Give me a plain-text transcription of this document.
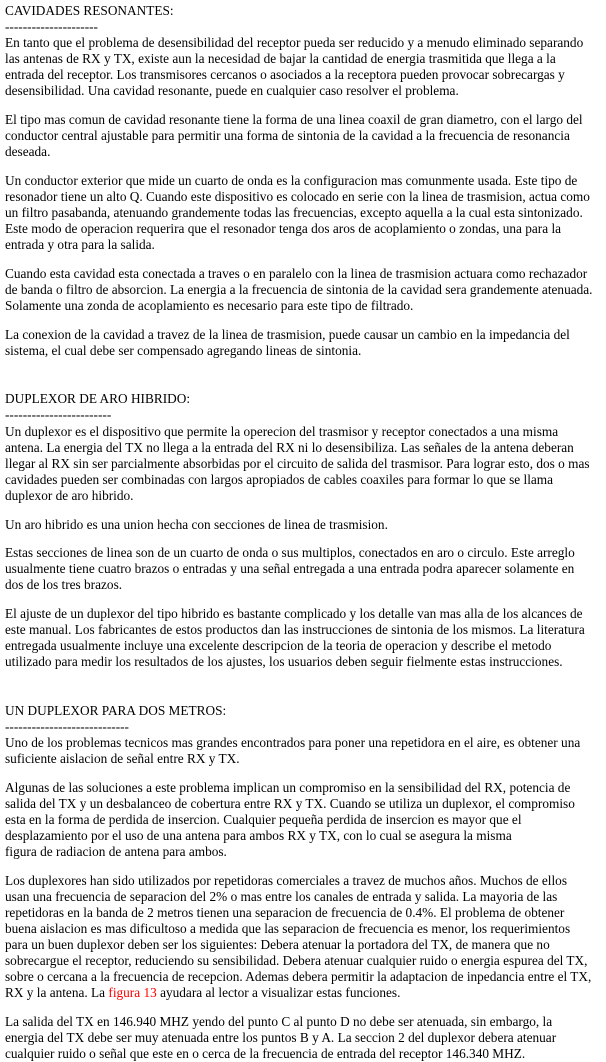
CAVIDADES RESONANTES:
---------------------

En tanto que el problema de desensibilidad del receptor pueda ser reducido y a menudo eliminado separando
las antenas de RX y TX, existe aun la necesidad de bajar la cantidad de energia trasmitida que llega a la
entrada del receptor. Los transmisores cercanos o asociados a la receptora pueden provocar sobrecargas y
desensibilidad. Una cavidad resonante, puede en cualquier caso resolver el problema.

El tipo mas comun de cavidad resonante tiene la forma de una linea coaxil de gran diametro, con el largo del
conductor central ajustable para permitir una forma de sintonia de la cavidad a la frecuencia de resonancia
deseada.

Un conductor exterior que mide un cuarto de onda es la configuracion mas comunmente usada. Este tipo de
resonador tiene un alto Q. Cuando este dispositivo es colocado en serie con la linea de trasmision, actua como
un filtro pasabanda, atenuando grandemente todas las frecuencias, excepto aquella a la cual esta sintonizado.
Este modo de operacion requerira que el resonador tenga dos aros de acoplamiento o zondas, una para la
entrada y otra para la salida.

Cuando esta cavidad esta conectada a traves o en paralelo con la linea de trasmision actuara como rechazador
de banda o filtro de absorcion. La energia a la frecuencia de sintonia de la cavidad sera grandemente atenuada.
Solamente una zonda de acoplamiento es necesario para este tipo de filtrado.

La conexion de la cavidad a travez de la linea de trasmision, puede causar un cambio en la impedancia del
sistema, el cual debe ser compensado agregando lineas de sintonia.

DUPLEXOR DE ARO HIBRIDO:
------------------------

Un duplexor es el dispositivo que permite la operecion del trasmisor y receptor conectados a una misma
antena. La energia del TX no llega a la entrada del RX ni lo desensibiliza. Las señales de la antena deberan
llegar al RX sin ser parcialmente absorbidas por el circuito de salida del trasmisor. Para lograr esto, dos o mas
cavidades pueden ser combinadas con largos apropiados de cables coaxiles para formar lo que se llama
duplexor de aro hibrido.

Un aro hibrido es una union hecha con secciones de linea de trasmision.

Estas secciones de linea son de un cuarto de onda o sus multiplos, conectados en aro o circulo. Este arreglo
usualmente tiene cuatro brazos o entradas y una señal entregada a una entrada podra aparecer solamente en
dos de los tres brazos.

El ajuste de un duplexor del tipo hibrido es bastante complicado y los detalle van mas alla de los alcances de
este manual. Los fabricantes de estos productos dan las instrucciones de sintonia de los mismos. La literatura
entregada usualmente incluye una excelente descripcion de la teoria de operacion y describe el metodo
utilizado para medir los resultados de los ajustes, los usuarios deben seguir fielmente estas instrucciones.

UN DUPLEXOR PARA DOS METROS:
----------------------------

Uno de los problemas tecnicos mas grandes encontrados para poner una repetidora en el aire, es obtener una
suficiente aislacion de señal entre RX y TX.

Algunas de las soluciones a este problema implican un compromiso en la sensibilidad del RX, potencia de
salida del TX y un desbalanceo de cobertura entre RX y TX. Cuando se utiliza un duplexor, el compromiso
esta en la forma de perdida de insercion. Cualquier pequeña perdida de insercion es mayor que el
desplazamiento por el uso de una antena para ambos RX y TX, con lo cual se asegura la misma
figura de radiacion de antena para ambos.

Los duplexores han sido utilizados por repetidoras comerciales a travez de muchos años. Muchos de ellos
usan una frecuencia de separacion del 2% o mas entre los canales de entrada y salida. La mayoria de las
repetidoras en la banda de 2 metros tienen una separacion de frecuencia de 0.4%. El problema de obtener
buena aislacion es mas dificultoso a medida que las separacion de frecuencia es menor, los requerimientos
para un buen duplexor deben ser los siguientes: Debera atenuar la portadora del TX, de manera que no
sobrecargue el receptor, reduciendo su sensibilidad. Debera atenuar cualquier ruido o energia espurea del TX,
sobre o cercana a la frecuencia de recepcion. Ademas debera permitir la adaptacion de inpedancia entre el TX,
RX y la antena. La figura 13 ayudara al lector a visualizar estas funciones.

La salida del TX en 146.940 MHZ yendo del punto C al punto D no debe ser atenuada, sin embargo, la
energia del TX debe ser muy atenuada entre los puntos B y A. La seccion 2 del duplexor debera atenuar
cualquier ruido o señal que este en o cerca de la frecuencia de entrada del receptor 146.340 MHZ.
